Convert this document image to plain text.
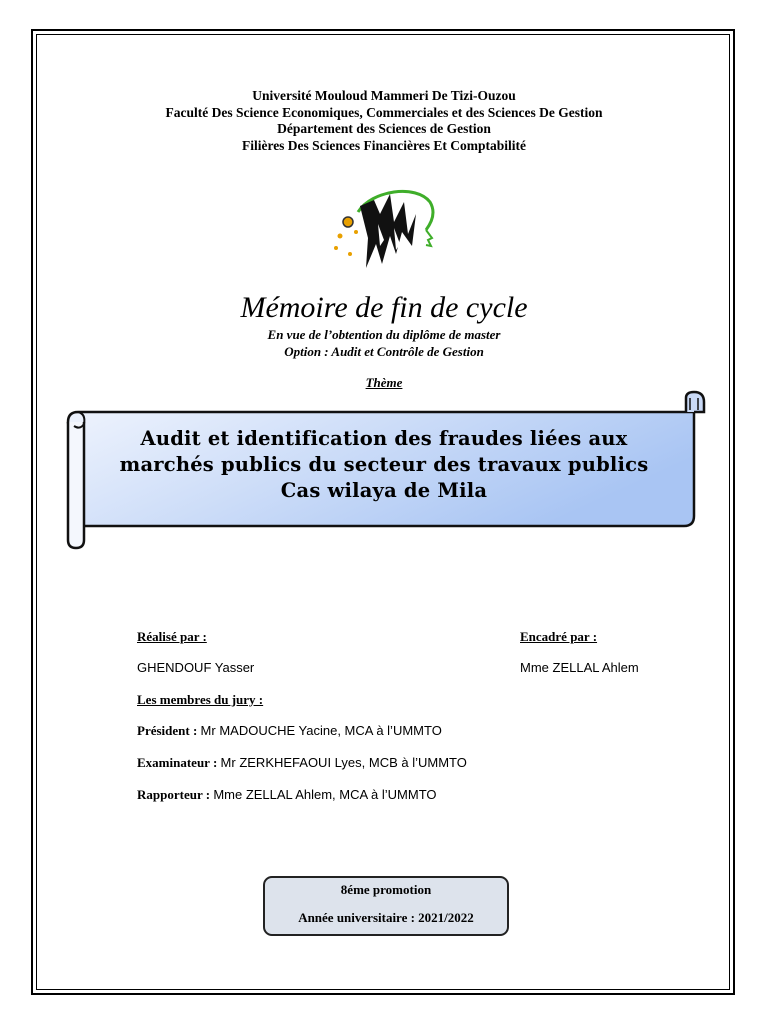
Université Mouloud Mammeri De Tizi-Ouzou
Faculté Des Science Economiques, Commerciales et des Sciences De Gestion
Département des Sciences de Gestion
Filières Des Sciences Financières Et Comptabilité
Mémoire de fin de cycle
En vue de l’obtention du diplôme de master
Option : Audit et Contrôle de Gestion
Thème
Audit et identification des fraudes liées aux
marchés publics du secteur des travaux publics
Cas wilaya de Mila
Réalisé par :	Encadré par :
GHENDOUF Yasser	Mme ZELLAL Ahlem
Les membres du jury :
Président : Mr MADOUCHE Yacine, MCA à l’UMMTO
Examinateur : Mr ZERKHEFAOUI Lyes, MCB à l’UMMTO
Rapporteur : Mme ZELLAL Ahlem, MCA à l’UMMTO
8éme promotion
Année universitaire : 2021/2022
